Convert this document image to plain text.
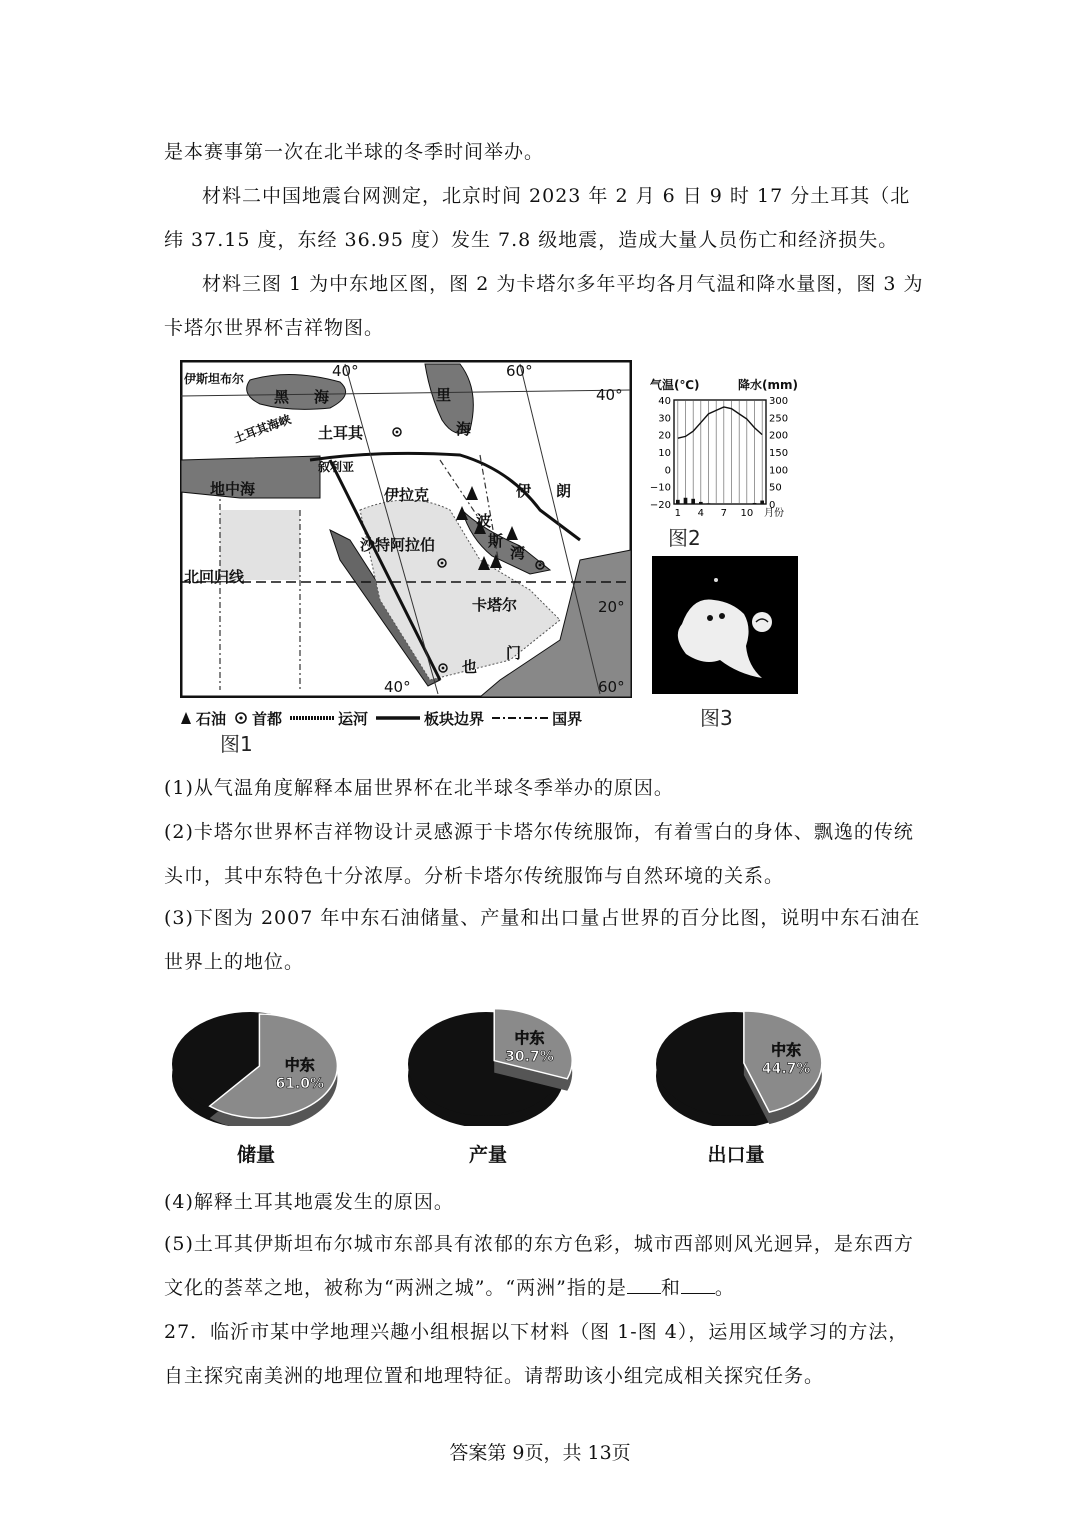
是本赛事第一次在北半球的冬季时间举办。

材料二中国地震台网测定，北京时间 2023 年 2 月 6 日 9 时 17 分土耳其（北纬 37.15 度，东经 36.95 度）发生 7.8 级地震，造成大量人员伤亡和经济损失。

材料三图 1 为中东地区图，图 2 为卡塔尔多年平均各月气温和降水量图，图 3 为卡塔尔世界杯吉祥物图。

伊斯坦布尔
黑 海
土耳其海峡 土耳其
里
海
叙利亚
地中海	伊拉克	伊 朗
波
斯
湾
沙特阿拉伯
北回归线
卡塔尔
也
门
40°	60°
40°
20°
40°	60°
石油 首都	运河	板块边界	国界
图1
气温(℃)	降水(mm)
40	300
30	250
20	200
10	150
0	100
−10	50
−20	0
1 4 7 10 月份
图2
图3

(1)从气温角度解释本届世界杯在北半球冬季举办的原因。

(2)卡塔尔世界杯吉祥物设计灵感源于卡塔尔传统服饰，有着雪白的身体、飘逸的传统头巾，其中东特色十分浓厚。分析卡塔尔传统服饰与自然环境的关系。

(3)下图为 2007 年中东石油储量、产量和出口量占世界的百分比图，说明中东石油在世界上的地位。

中东
61.0%
中东
30.7%	中东
44.7%
储量	产量	出口量

(4)解释土耳其地震发生的原因。

(5)土耳其伊斯坦布尔城市东部具有浓郁的东方色彩，城市西部则风光迥异，是东西方文化的荟萃之地，被称为“两洲之城”。“两洲”指的是 和 。

27．临沂市某中学地理兴趣小组根据以下材料（图 1-图 4），运用区域学习的方法，自主探究南美洲的地理位置和地理特征。请帮助该小组完成相关探究任务。

答案第 9页，共 13页
